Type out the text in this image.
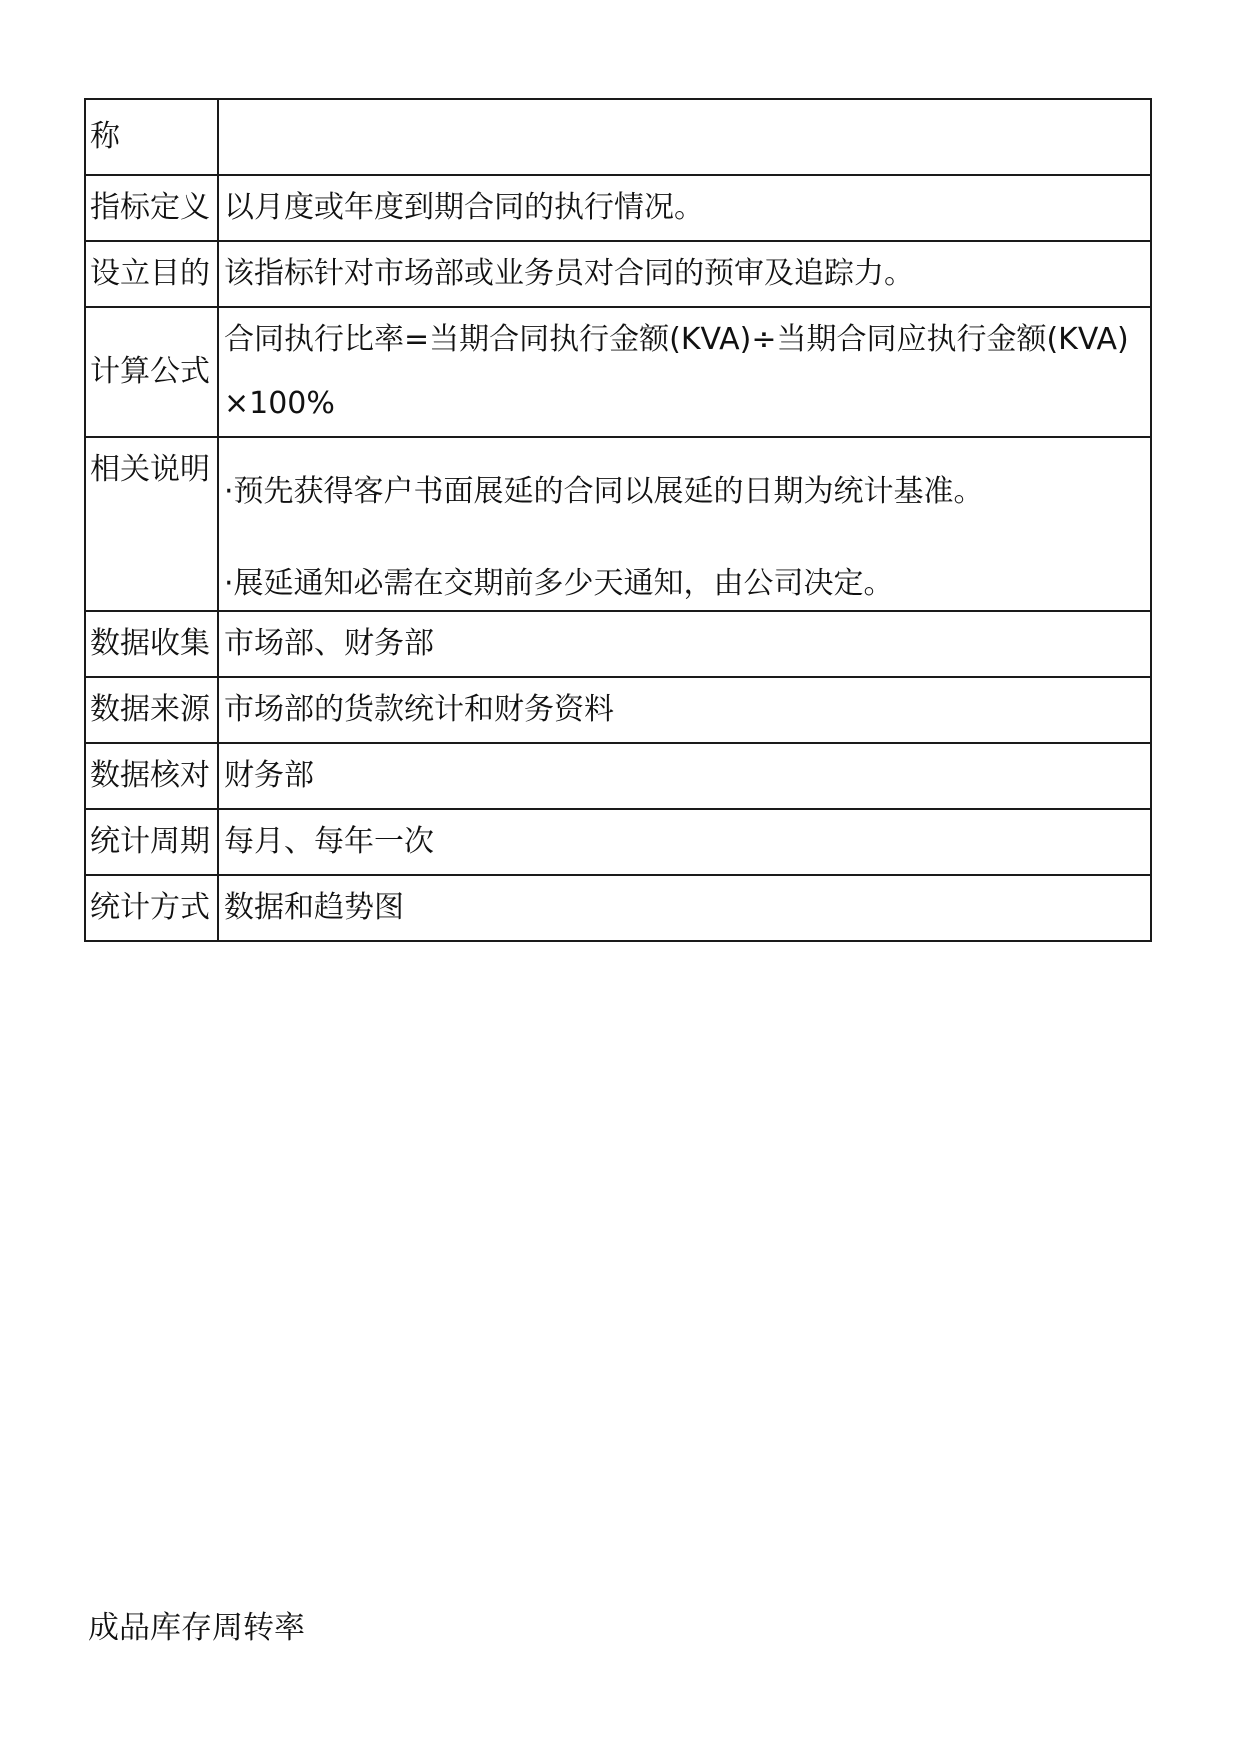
称	
指标定义	以月度或年度到期合同的执行情况。
设立目的	该指标针对市场部或业务员对合同的预审及追踪力。
计算公式	合同执行比率=当期合同执行金额(KVA)÷当期合同应执行金额(KVA)×100%
相关说明	·预先获得客户书面展延的合同以展延的日期为统计基准。
·展延通知必需在交期前多少天通知，由公司决定。

数据收集	市场部、财务部
数据来源	市场部的货款统计和财务资料
数据核对	财务部
统计周期	每月、每年一次
统计方式	数据和趋势图
成品库存周转率
